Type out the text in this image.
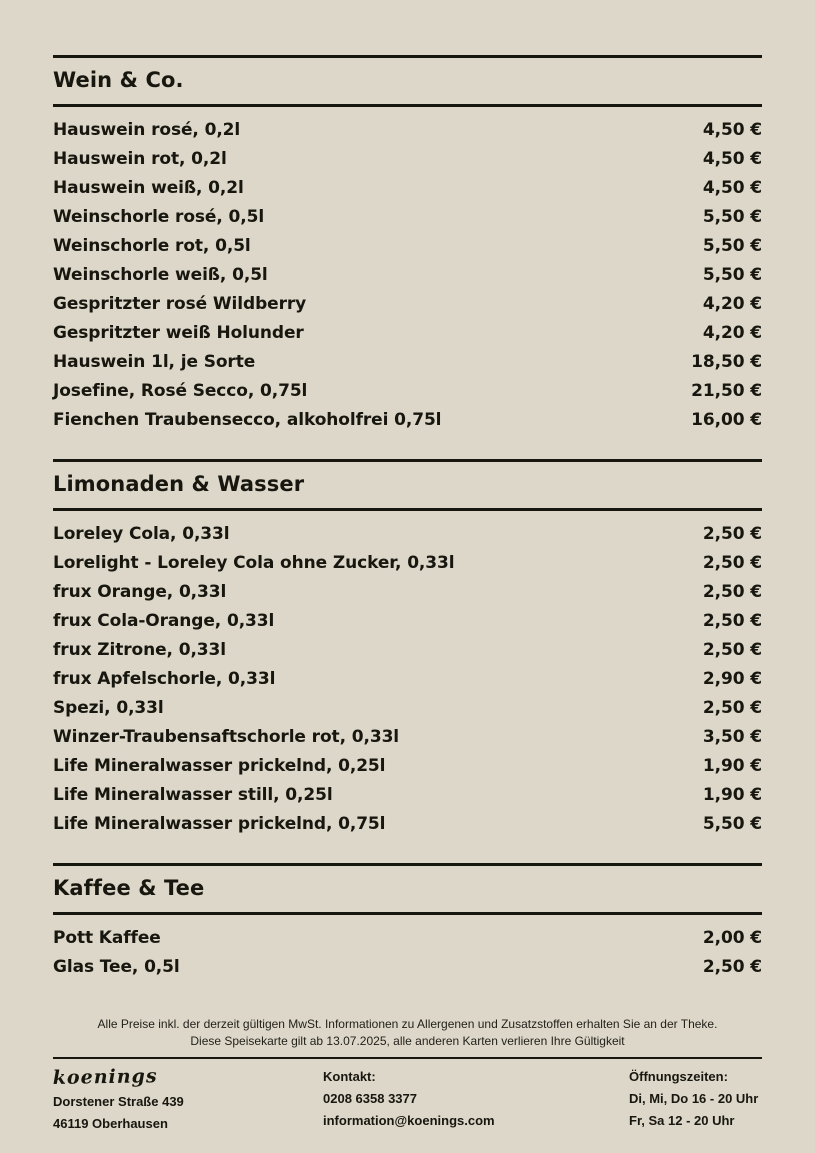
Wein & Co.
Hauswein rosé, 0,2l	4,50 €
Hauswein rot, 0,2l	4,50 €
Hauswein weiß, 0,2l	4,50 €
Weinschorle rosé, 0,5l	5,50 €
Weinschorle rot, 0,5l	5,50 €
Weinschorle weiß, 0,5l	5,50 €
Gespritzter rosé Wildberry	4,20 €
Gespritzter weiß Holunder	4,20 €
Hauswein 1l, je Sorte	18,50 €
Josefine, Rosé Secco, 0,75l	21,50 €
Fienchen Traubensecco, alkoholfrei 0,75l	16,00 €
Limonaden & Wasser
Loreley Cola, 0,33l	2,50 €
Lorelight - Loreley Cola ohne Zucker, 0,33l	2,50 €
frux Orange, 0,33l	2,50 €
frux Cola-Orange, 0,33l	2,50 €
frux Zitrone, 0,33l	2,50 €
frux Apfelschorle, 0,33l	2,90 €
Spezi, 0,33l	2,50 €
Winzer-Traubensaftschorle rot, 0,33l	3,50 €
Life Mineralwasser prickelnd, 0,25l	1,90 €
Life Mineralwasser still, 0,25l	1,90 €
Life Mineralwasser prickelnd, 0,75l	5,50 €
Kaffee & Tee
Pott Kaffee	2,00 €
Glas Tee, 0,5l	2,50 €
Alle Preise inkl. der derzeit gültigen MwSt. Informationen zu Allergenen und Zusatzstoffen erhalten Sie an der Theke.
Diese Speisekarte gilt ab 13.07.2025, alle anderen Karten verlieren Ihre Gültigkeit
koenings
Dorstener Straße 439
46119 Oberhausen
Kontakt:
0208 6358 3377
information@koenings.com
Öffnungszeiten:
Di, Mi, Do 16 - 20 Uhr
Fr, Sa 12 - 20 Uhr
